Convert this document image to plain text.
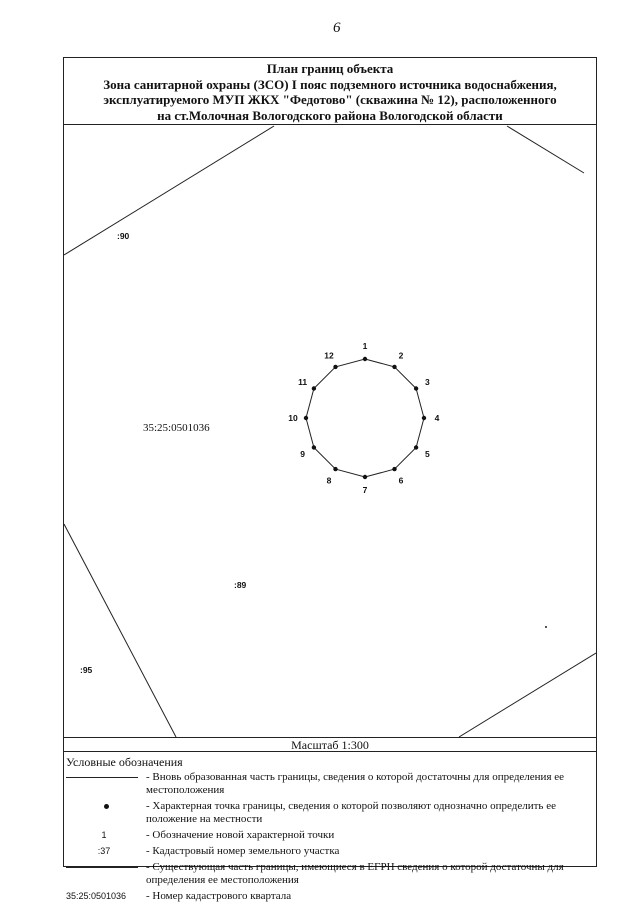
6
План границ объекта
Зона санитарной охраны (ЗСО) I пояс подземного источника водоснабжения,
эксплуатируемого МУП ЖКХ "Федотово" (скважина № 12), расположенного
на ст.Молочная Вологодского района Вологодской области
1
2
3
4
5
6
7
8
9
10
11
12
:90
35:25:0501036
:89
:95
Масштаб 1:300
Условные обозначения
- Вновь образованная часть границы, сведения о которой достаточны для определения ее местоположения
- Характерная точка границы, сведения о которой позволяют однозначно определить ее положение на местности
1	- Обозначение новой характерной точки
:37	- Кадастровый номер земельного участка
- Существующая часть границы, имеющиеся в ЕГРН сведения о которой достаточны для определения ее местоположения
35:25:0501036	- Номер кадастрового квартала
